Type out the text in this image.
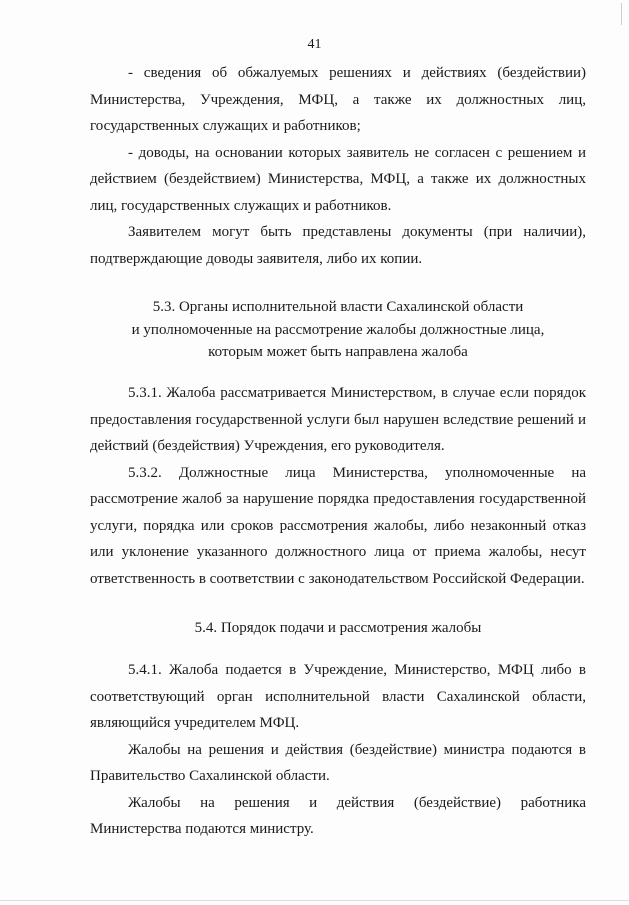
41

- сведения об обжалуемых решениях и действиях (бездействии) Министерства, Учреждения, МФЦ, а также их должностных лиц, государственных служащих и работников;

- доводы, на основании которых заявитель не согласен с решением и действием (бездействием) Министерства, МФЦ, а также их должностных лиц, государственных служащих и работников.

Заявителем могут быть представлены документы (при наличии), подтверждающие доводы заявителя, либо их копии.

5.3. Органы исполнительной власти Сахалинской области
и уполномоченные на рассмотрение жалобы должностные лица,
которым может быть направлена жалоба

5.3.1. Жалоба рассматривается Министерством, в случае если порядок предоставления государственной услуги был нарушен вследствие решений и действий (бездействия) Учреждения, его руководителя.

5.3.2. Должностные лица Министерства, уполномоченные на рассмотрение жалоб за нарушение порядка предоставления государственной услуги, порядка или сроков рассмотрения жалобы, либо незаконный отказ или уклонение указанного должностного лица от приема жалобы, несут ответственность в соответствии с законодательством Российской Федерации.

5.4. Порядок подачи и рассмотрения жалобы

5.4.1. Жалоба подается в Учреждение, Министерство, МФЦ либо в соответствующий орган исполнительной власти Сахалинской области, являющийся учредителем МФЦ.

Жалобы на решения и действия (бездействие) министра подаются в Правительство Сахалинской области.

Жалобы на решения и действия (бездействие) работника Министерства подаются министру.
